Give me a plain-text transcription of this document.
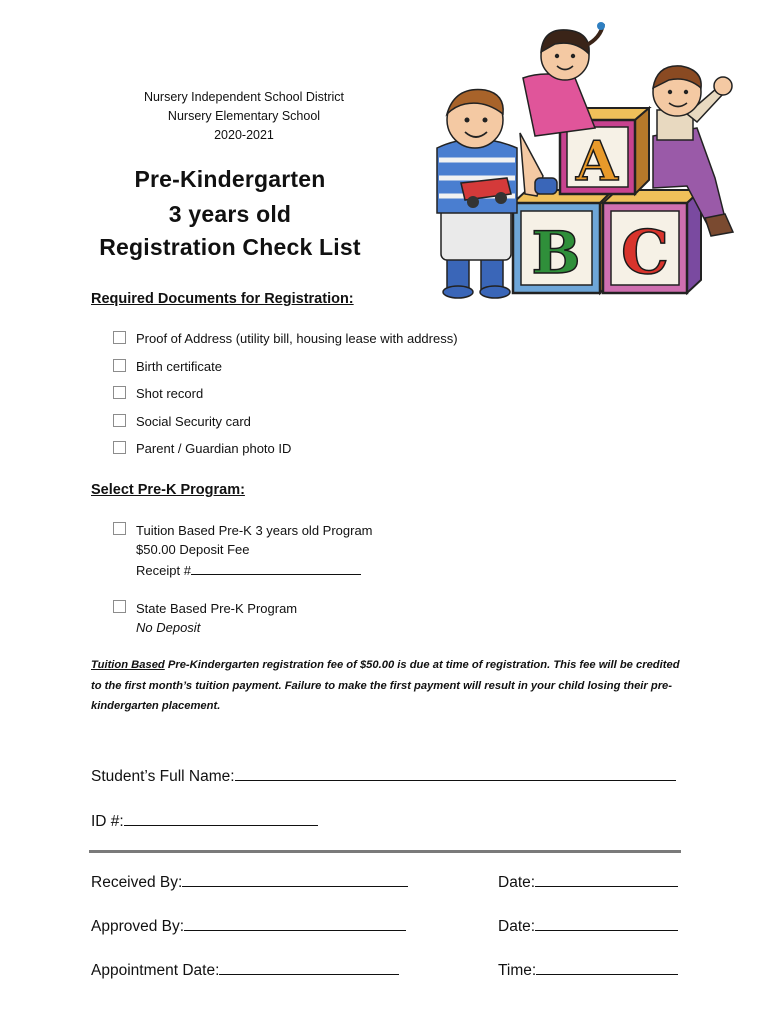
Nursery Independent School District
Nursery Elementary School
2020-2021
Pre-Kindergarten
3 years old
Registration Check List	B C
A
Required Documents for Registration:
Proof of Address (utility bill, housing lease with address)
Birth certificate
Shot record
Social Security card
Parent / Guardian photo ID
Select Pre-K Program:
Tuition Based Pre-K 3 years old Program
$50.00 Deposit Fee
Receipt #
State Based Pre-K Program
No Deposit
Tuition Based Pre-Kindergarten registration fee of $50.00 is due at time of registration. This fee will be credited to the first month’s tuition payment. Failure to make the first payment will result in your child losing their pre-kindergarten placement.
Student’s Full Name:
ID #:
Received By:	Date:
Approved By:	Date:
Appointment Date:	Time:
